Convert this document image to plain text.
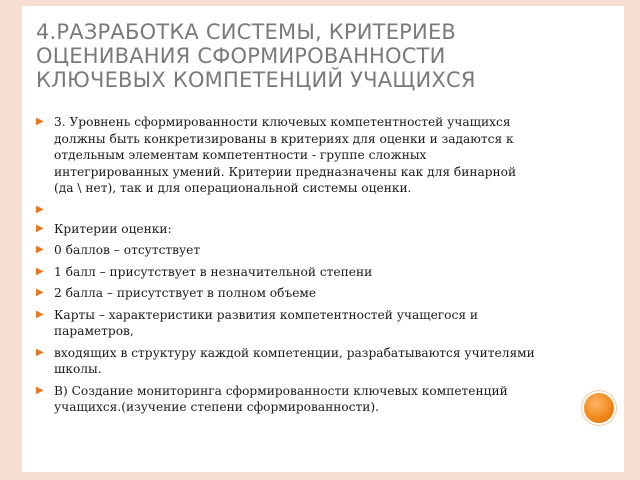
4.РАЗРАБОТКА СИСТЕМЫ, КРИТЕРИЕВ
ОЦЕНИВАНИЯ СФОРМИРОВАННОСТИ
КЛЮЧЕВЫХ КОМПЕТЕНЦИЙ УЧАЩИХСЯ
▶ 3. Уровнень сформированности ключевых компетентностей учащихся должны быть конкретизированы в критериях для оценки и задаются к отдельным элементам компетентности - группе сложных интегрированных умений. Критерии предназначены как для бинарной (да \ нет), так и для операциональной системы оценки.
▶
▶ Критерии оценки:
▶ 0 баллов – отсутствует
▶ 1 балл – присутствует в незначительной степени
▶ 2 балла – присутствует в полном объеме
▶ Карты – характеристики развития компетентностей учащегося и параметров,
▶ входящих в структуру каждой компетенции, разрабатываются учителями школы.
▶ В) Создание мониторинга сформированности ключевых компетенций учащихся.(изучение степени сформированности).
